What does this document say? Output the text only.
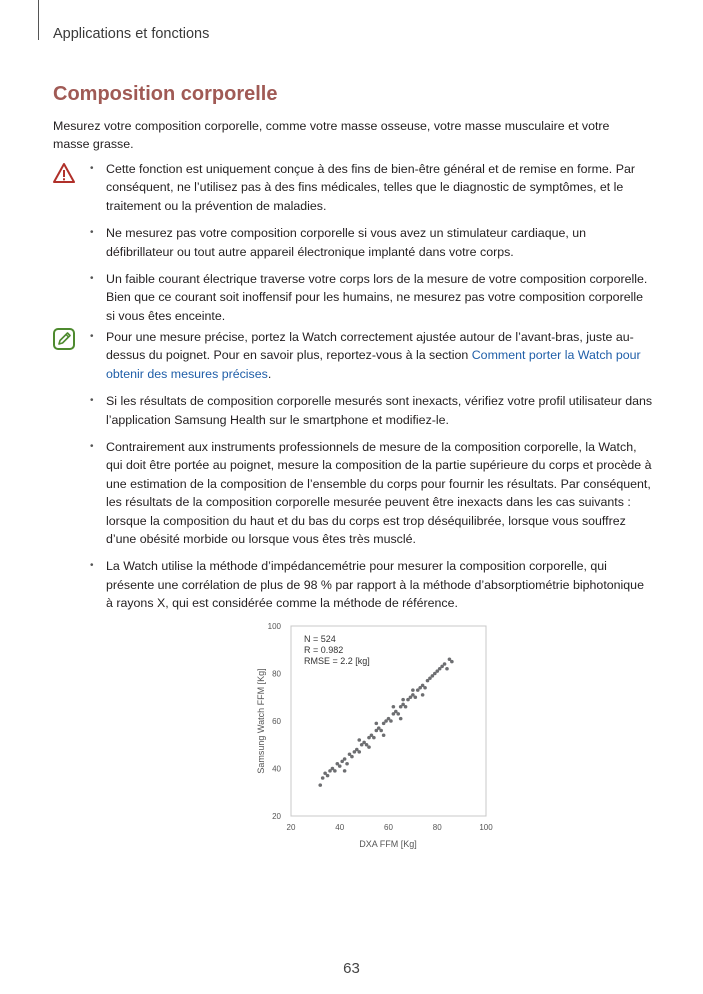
Applications et fonctions
Composition corporelle

Mesurez votre composition corporelle, comme votre masse osseuse, votre masse musculaire et votre masse grasse.

• Cette fonction est uniquement conçue à des fins de bien-être général et de remise en forme. Par conséquent, ne l’utilisez pas à des fins médicales, telles que le diagnostic de symptômes, et le traitement ou la prévention de maladies.
• Ne mesurez pas votre composition corporelle si vous avez un stimulateur cardiaque, un défibrillateur ou tout autre appareil électronique implanté dans votre corps.
• Un faible courant électrique traverse votre corps lors de la mesure de votre composition corporelle. Bien que ce courant soit inoffensif pour les humains, ne mesurez pas votre composition corporelle si vous êtes enceinte.
• Pour une mesure précise, portez la Watch correctement ajustée autour de l’avant-bras, juste au-dessus du poignet. Pour en savoir plus, reportez-vous à la section Comment porter la Watch pour obtenir des mesures précises.
• Si les résultats de composition corporelle mesurés sont inexacts, vérifiez votre profil utilisateur dans l’application Samsung Health sur le smartphone et modifiez-le.
• Contrairement aux instruments professionnels de mesure de la composition corporelle, la Watch, qui doit être portée au poignet, mesure la composition de la partie supérieure du corps et procède à une estimation de la composition de l’ensemble du corps pour fournir les résultats. Par conséquent, les résultats de la composition corporelle mesurée peuvent être inexacts dans les cas suivants : lorsque la composition du haut et du bas du corps est trop déséquilibrée, lorsque vous souffrez d’une obésité morbide ou lorsque vous êtes très musclé.
• La Watch utilise la méthode d’impédancemétrie pour mesurer la composition corporelle, qui présente une corrélation de plus de 98 % par rapport à la méthode d’absorptiométrie biphotonique à rayons X, qui est considérée comme la méthode de référence.
20
40
60
80
100
20	40	60	80	100
DXA FFM [Kg]
Samsung Watch FFM [Kg]
N = 524
R = 0.982
RMSE = 2.2 [kg]
63
